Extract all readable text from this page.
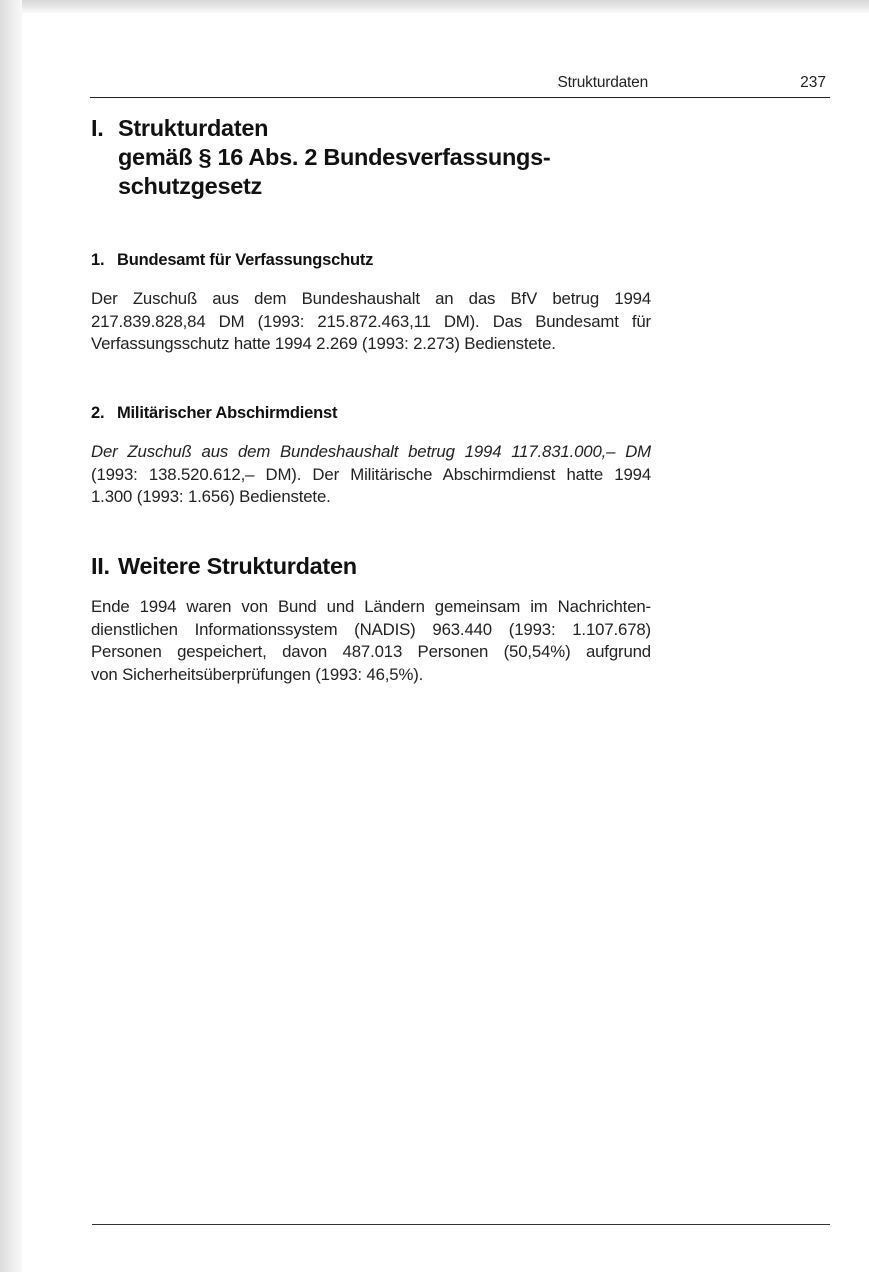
Strukturdaten	237
I. Strukturdaten
gemäß § 16 Abs. 2 Bundesverfassungs-
schutzgesetz
1. Bundesamt für Verfassungschutz
Der Zuschuß aus dem Bundeshaushalt an das BfV betrug 1994
217.839.828,84 DM (1993: 215.872.463,11 DM). Das Bundesamt für
Verfassungsschutz hatte 1994 2.269 (1993: 2.273) Bedienstete.
2. Militärischer Abschirmdienst
Der Zuschuß aus dem Bundeshaushalt betrug 1994 117.831.000,– DM
(1993: 138.520.612,– DM). Der Militärische Abschirmdienst hatte 1994
1.300 (1993: 1.656) Bedienstete.
II. Weitere Strukturdaten
Ende 1994 waren von Bund und Ländern gemeinsam im Nachrichten-
dienstlichen Informationssystem (NADIS) 963.440 (1993: 1.107.678)
Personen gespeichert, davon 487.013 Personen (50,54%) aufgrund
von Sicherheitsüberprüfungen (1993: 46,5%).
